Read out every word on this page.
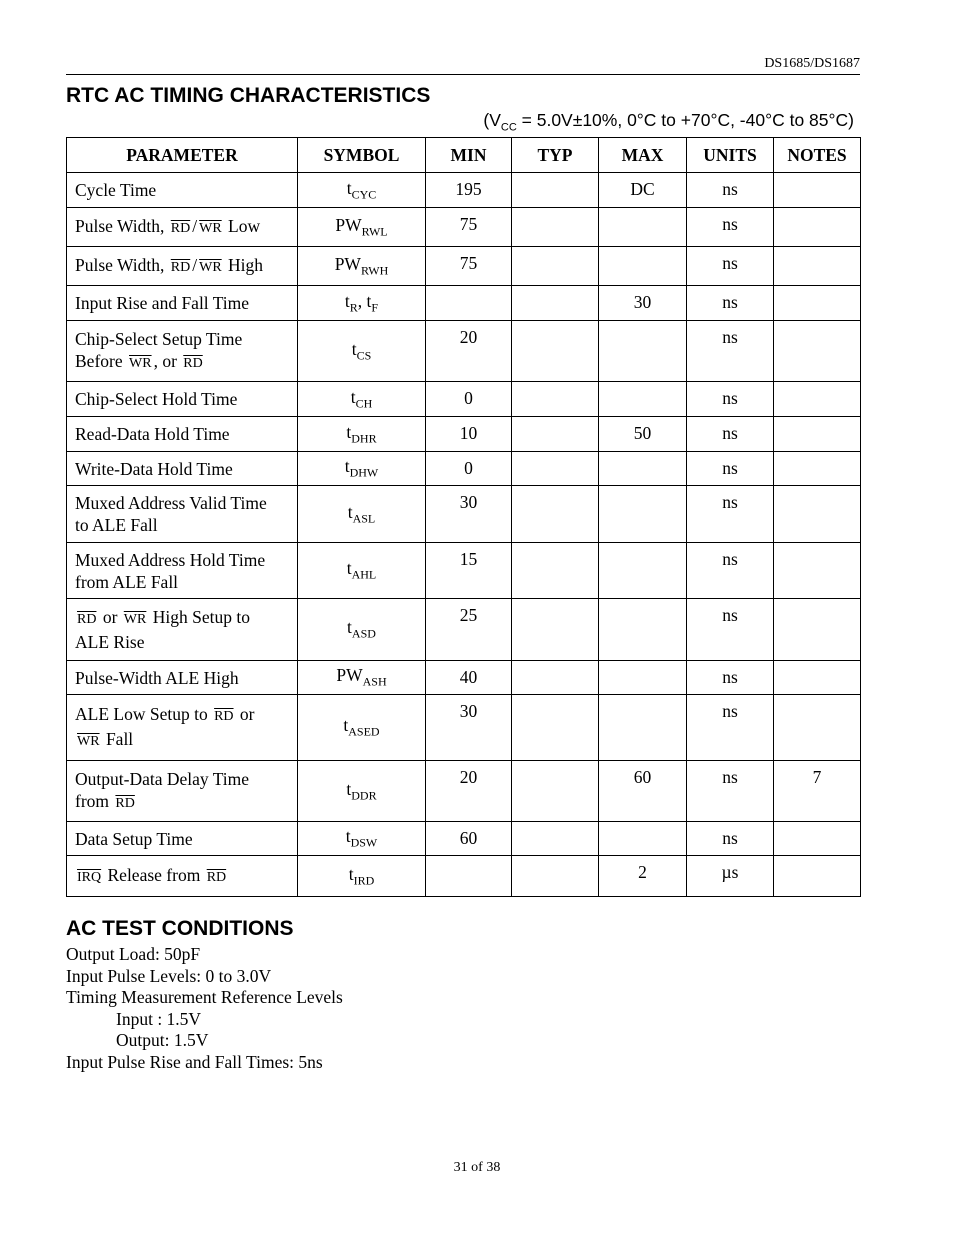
DS1685/DS1687
RTC AC TIMING CHARACTERISTICS
($V_{CC} = 5.0V\pm 10\%$, 0°C to +70°C, -40°C to 85°C)
PARAMETER	SYMBOL	MIN	TYP	MAX	UNITS	NOTES
Cycle Time	$t_{CYC}$	195		DC	ns	
Pulse Width, $\overline{RD} / \overline{WR}$ Low	$PW_{RWL}$	75			ns	
Pulse Width, $\overline{RD} / \overline{WR}$ High	$PW_{RWH}$	75			ns	
Input Rise and Fall Time	$t_R$, $t_F$			30	ns	
Chip-Select Setup Time
Before $\overline{WR}$ , or $\overline{RD}$	$t_{CS}$	20			ns	
Chip-Select Hold Time	$t_{CH}$	0			ns	
Read-Data Hold Time	$t_{DHR}$	10		50	ns	
Write-Data Hold Time	$t_{DHW}$	0			ns	
Muxed Address Valid Time
to ALE Fall	$t_{ASL}$	30			ns	
Muxed Address Hold Time
from ALE Fall	$t_{AHL}$	15			ns	
$\overline{RD}$ or $\overline{WR}$ High Setup to
ALE Rise	$t_{ASD}$	25			ns	
Pulse-Width ALE High	$PW_{ASH}$	40			ns	
ALE Low Setup to $\overline{RD}$ or
$\overline{WR}$ Fall	$t_{ASED}$	30			ns	
Output-Data Delay Time
from $\overline{RD}$	$t_{DDR}$	20		60	ns	7
Data Setup Time	$t_{DSW}$	60			ns	
$\overline{IRQ}$ Release from $\overline{RD}$	$t_{IRD}$			2	µs	
AC TEST CONDITIONS
Output Load: 50pF
Input Pulse Levels: 0 to 3.0V
Timing Measurement Reference Levels
Input : 1.5V
Output: 1.5V
Input Pulse Rise and Fall Times: 5ns
31 of 38
